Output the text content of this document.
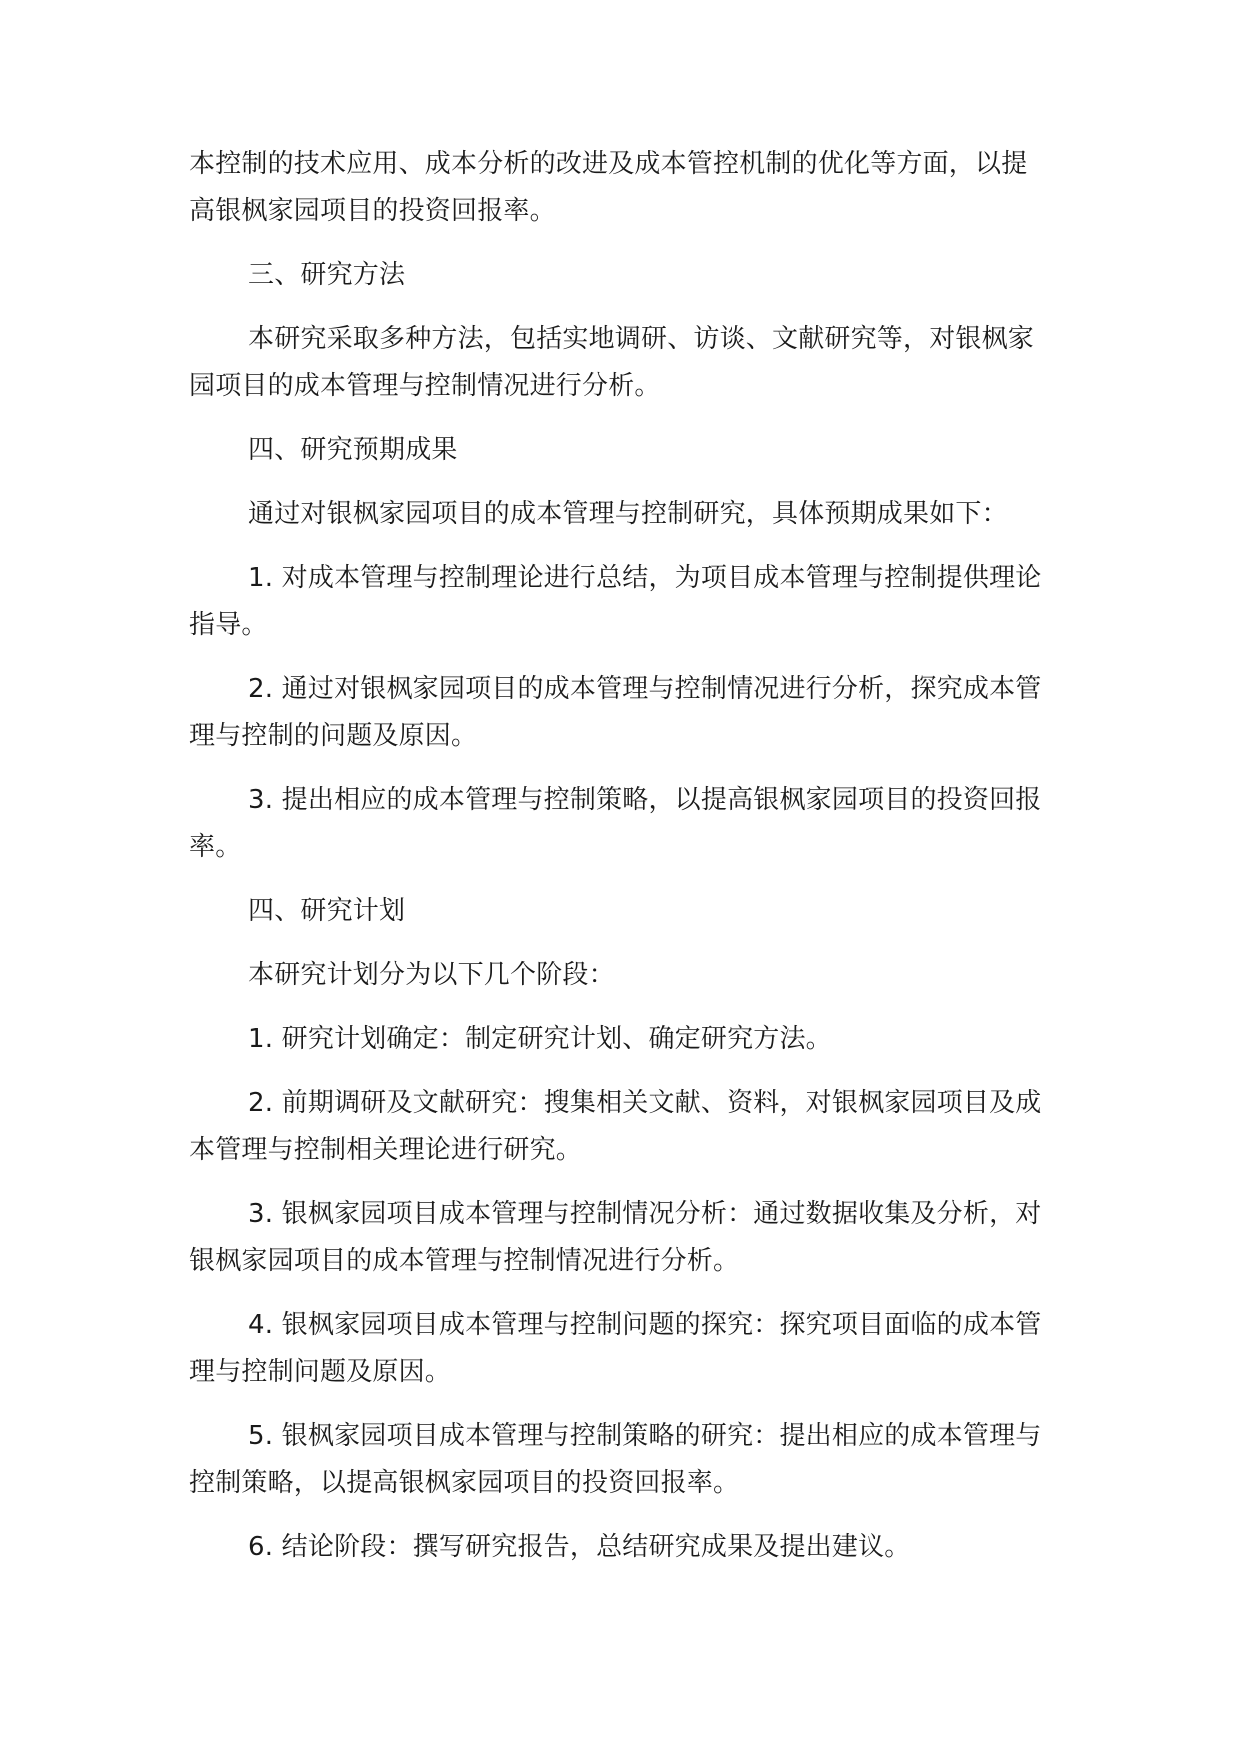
本控制的技术应用、成本分析的改进及成本管控机制的优化等方面，以提高银枫家园项目的投资回报率。

三、研究方法

本研究采取多种方法，包括实地调研、访谈、文献研究等，对银枫家园项目的成本管理与控制情况进行分析。

四、研究预期成果

通过对银枫家园项目的成本管理与控制研究，具体预期成果如下：

1. 对成本管理与控制理论进行总结，为项目成本管理与控制提供理论指导。

2. 通过对银枫家园项目的成本管理与控制情况进行分析，探究成本管理与控制的问题及原因。

3. 提出相应的成本管理与控制策略，以提高银枫家园项目的投资回报率。

四、研究计划

本研究计划分为以下几个阶段：

1. 研究计划确定：制定研究计划、确定研究方法。

2. 前期调研及文献研究：搜集相关文献、资料，对银枫家园项目及成本管理与控制相关理论进行研究。

3. 银枫家园项目成本管理与控制情况分析：通过数据收集及分析，对银枫家园项目的成本管理与控制情况进行分析。

4. 银枫家园项目成本管理与控制问题的探究：探究项目面临的成本管理与控制问题及原因。

5. 银枫家园项目成本管理与控制策略的研究：提出相应的成本管理与控制策略，以提高银枫家园项目的投资回报率。

6. 结论阶段：撰写研究报告，总结研究成果及提出建议。
